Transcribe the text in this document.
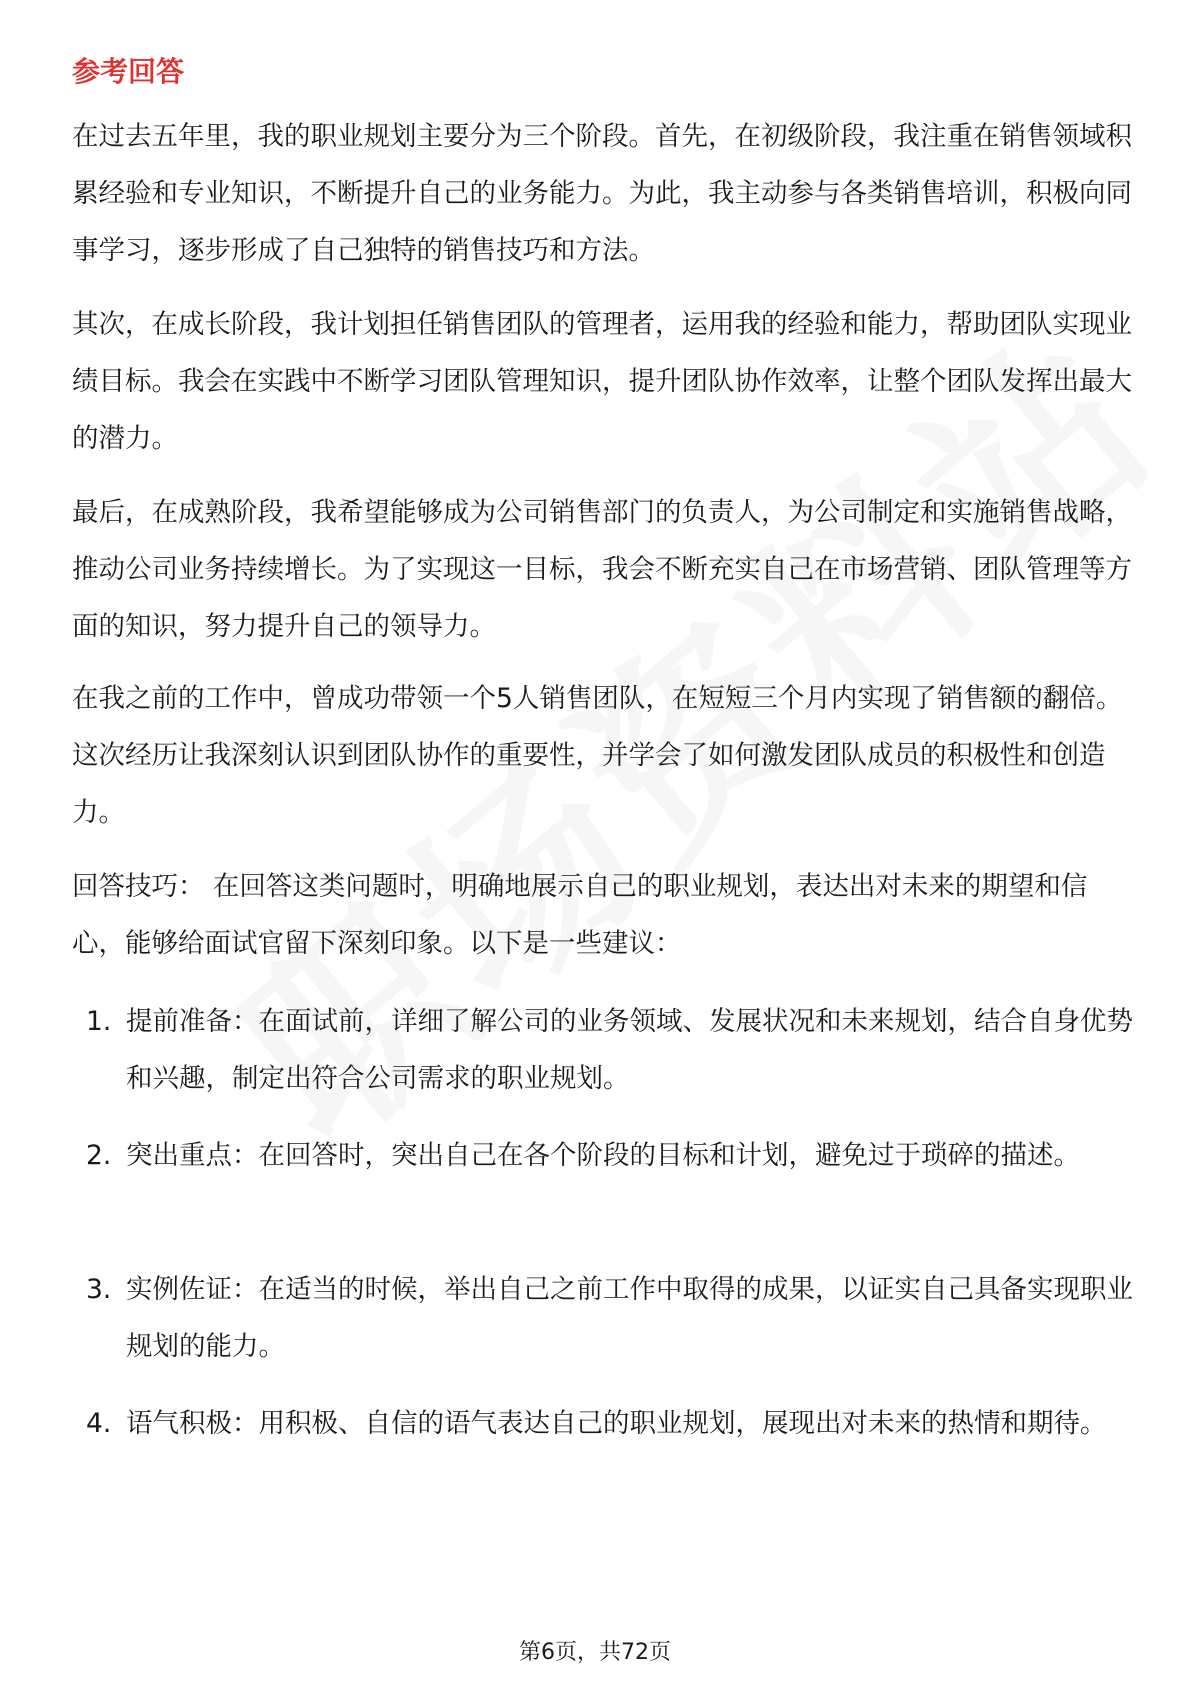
参考回答
在过去五年里，我的职业规划主要分为三个阶段。首先，在初级阶段，我注重在销售领域积累经验和专业知识，不断提升自己的业务能力。为此，我主动参与各类销售培训，积极向同事学习，逐步形成了自己独特的销售技巧和方法。
其次，在成长阶段，我计划担任销售团队的管理者，运用我的经验和能力，帮助团队实现业绩目标。我会在实践中不断学习团队管理知识，提升团队协作效率，让整个团队发挥出最大的潜力。
最后，在成熟阶段，我希望能够成为公司销售部门的负责人，为公司制定和实施销售战略，推动公司业务持续增长。为了实现这一目标，我会不断充实自己在市场营销、团队管理等方面的知识，努力提升自己的领导力。
在我之前的工作中，曾成功带领一个5人销售团队，在短短三个月内实现了销售额的翻倍。这次经历让我深刻认识到团队协作的重要性，并学会了如何激发团队成员的积极性和创造力。
回答技巧： 在回答这类问题时，明确地展示自己的职业规划，表达出对未来的期望和信心，能够给面试官留下深刻印象。以下是一些建议：
1. 提前准备：在面试前，详细了解公司的业务领域、发展状况和未来规划，结合自身优势和兴趣，制定出符合公司需求的职业规划。
2. 突出重点：在回答时，突出自己在各个阶段的目标和计划，避免过于琐碎的描述。
3. 实例佐证：在适当的时候，举出自己之前工作中取得的成果，以证实自己具备实现职业规划的能力。
4. 语气积极：用积极、自信的语气表达自己的职业规划，展现出对未来的热情和期待。
第6页，共72页
